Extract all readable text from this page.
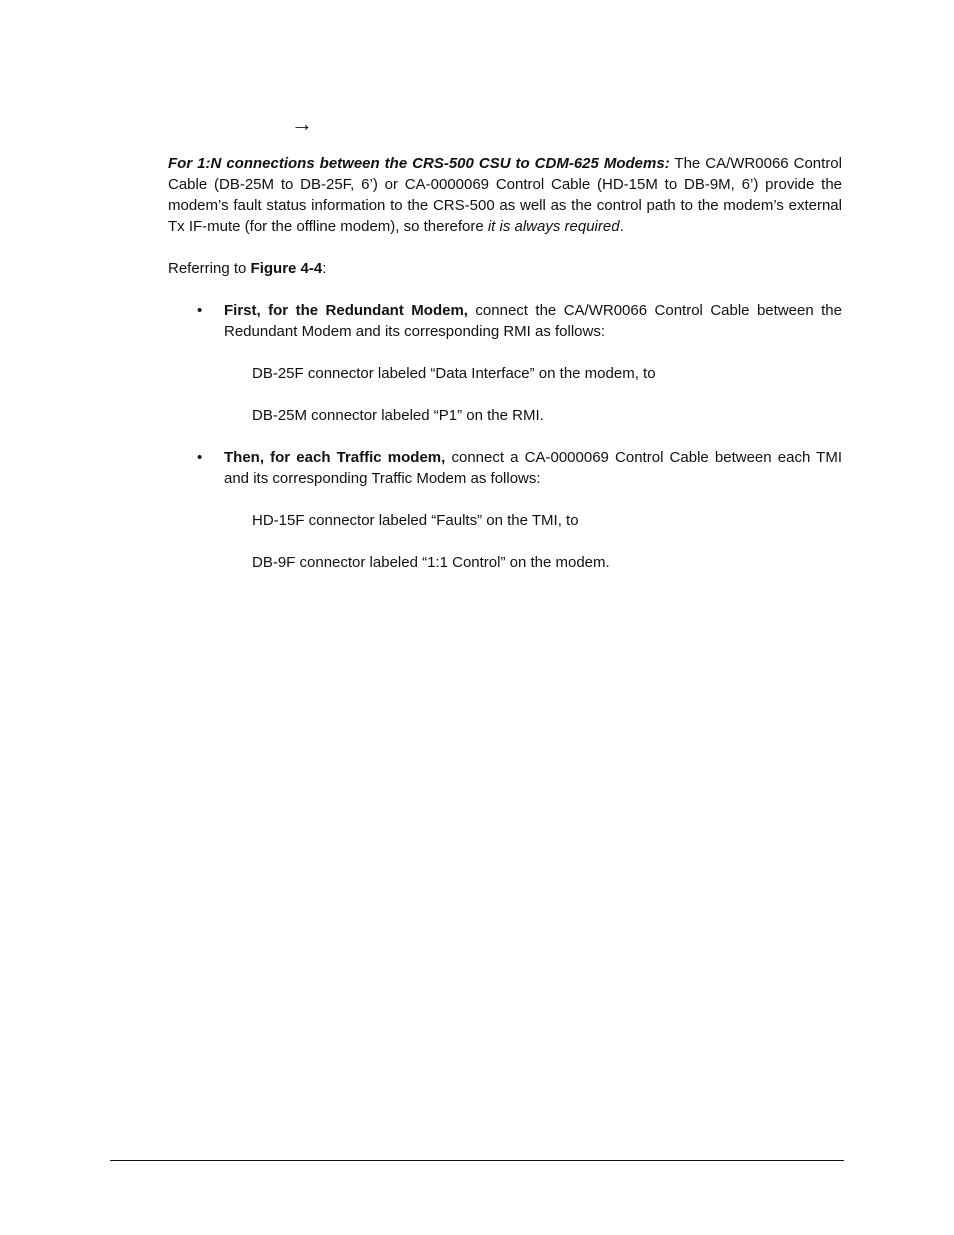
→

For 1:N connections between the CRS-500 CSU to CDM-625 Modems: The CA/WR0066 Control Cable (DB-25M to DB-25F, 6’) or CA-0000069 Control Cable (HD-15M to DB-9M, 6’) provide the modem’s fault status information to the CRS-500 as well as the control path to the modem’s external Tx IF-mute (for the offline modem), so therefore it is always required.

Referring to Figure 4-4:

• First, for the Redundant Modem, connect the CA/WR0066 Control Cable between the Redundant Modem and its corresponding RMI as follows:

DB-25F connector labeled “Data Interface” on the modem, to

DB-25M connector labeled “P1” on the RMI.

• Then, for each Traffic modem, connect a CA-0000069 Control Cable between each TMI and its corresponding Traffic Modem as follows:

HD-15F connector labeled “Faults” on the TMI, to

DB-9F connector labeled “1:1 Control” on the modem.
